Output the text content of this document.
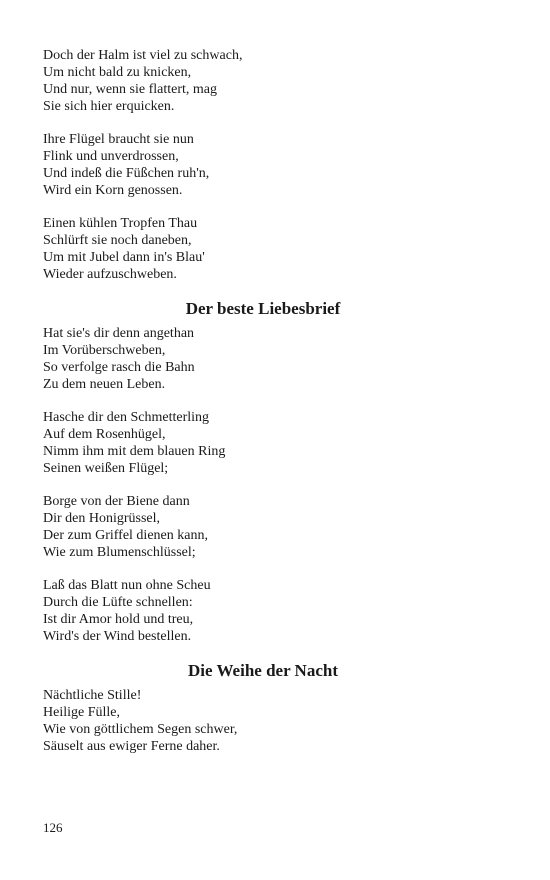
Doch der Halm ist viel zu schwach,
Um nicht bald zu knicken,
Und nur, wenn sie flattert, mag
Sie sich hier erquicken.
Ihre Flügel braucht sie nun
Flink und unverdrossen,
Und indeß die Füßchen ruh'n,
Wird ein Korn genossen.
Einen kühlen Tropfen Thau
Schlürft sie noch daneben,
Um mit Jubel dann in's Blau'
Wieder aufzuschweben.
Der beste Liebesbrief
Hat sie's dir denn angethan
Im Vorüberschweben,
So verfolge rasch die Bahn
Zu dem neuen Leben.
Hasche dir den Schmetterling
Auf dem Rosenhügel,
Nimm ihm mit dem blauen Ring
Seinen weißen Flügel;
Borge von der Biene dann
Dir den Honigrüssel,
Der zum Griffel dienen kann,
Wie zum Blumenschlüssel;
Laß das Blatt nun ohne Scheu
Durch die Lüfte schnellen:
Ist dir Amor hold und treu,
Wird's der Wind bestellen.
Die Weihe der Nacht
Nächtliche Stille!
Heilige Fülle,
Wie von göttlichem Segen schwer,
Säuselt aus ewiger Ferne daher.
126
